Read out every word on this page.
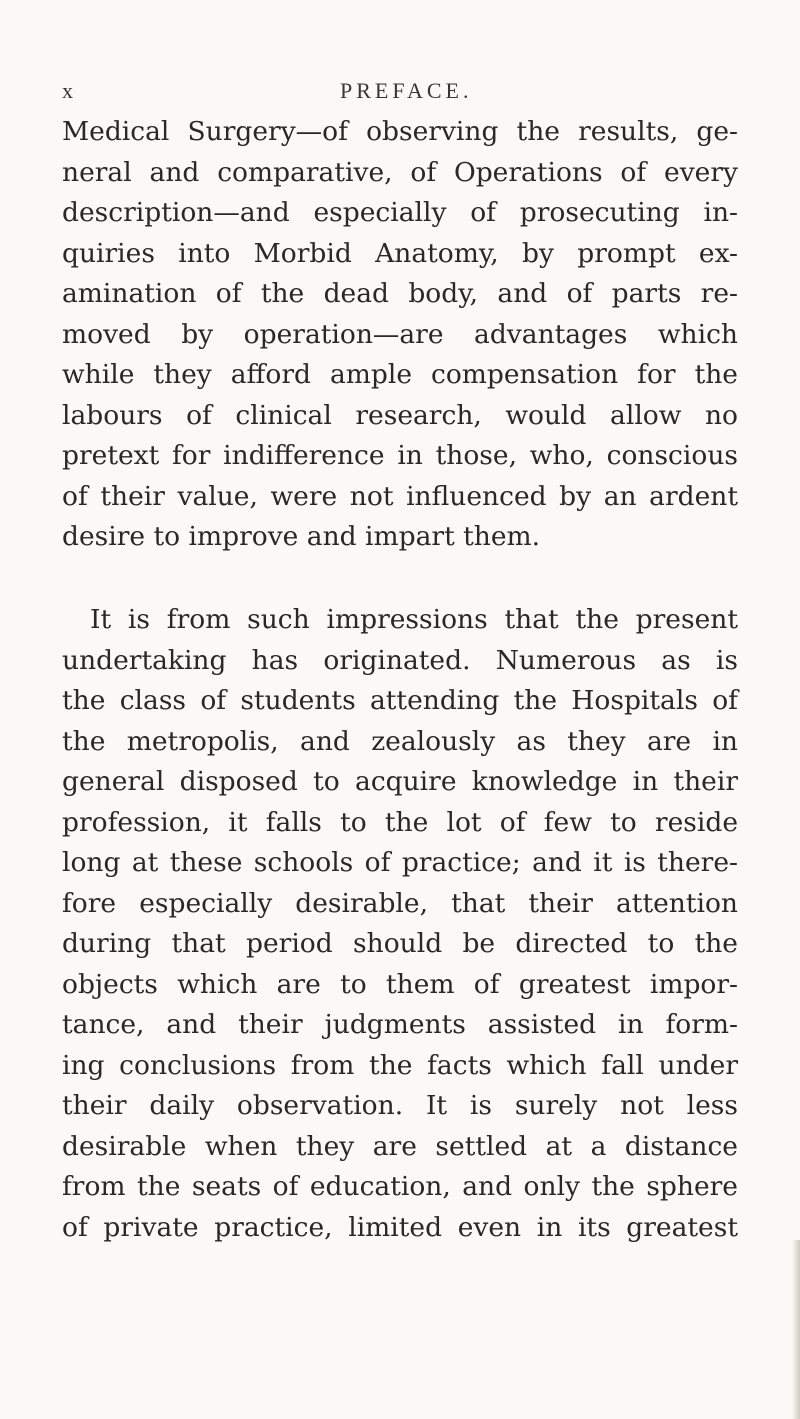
x	PREFACE.
Medical Surgery—of observing the results, ge-
neral and comparative, of Operations of every
description—and especially of prosecuting in-
quiries into Morbid Anatomy, by prompt ex-
amination of the dead body, and of parts re-
moved by operation—are advantages which
while they afford ample compensation for the
labours of clinical research, would allow no
pretext for indifference in those, who, conscious
of their value, were not influenced by an ardent
desire to improve and impart them.
It is from such impressions that the present
undertaking has originated. Numerous as is
the class of students attending the Hospitals of
the metropolis, and zealously as they are in
general disposed to acquire knowledge in their
profession, it falls to the lot of few to reside
long at these schools of practice; and it is there-
fore especially desirable, that their attention
during that period should be directed to the
objects which are to them of greatest impor-
tance, and their judgments assisted in form-
ing conclusions from the facts which fall under
their daily observation. It is surely not less
desirable when they are settled at a distance
from the seats of education, and only the sphere
of private practice, limited even in its greatest
